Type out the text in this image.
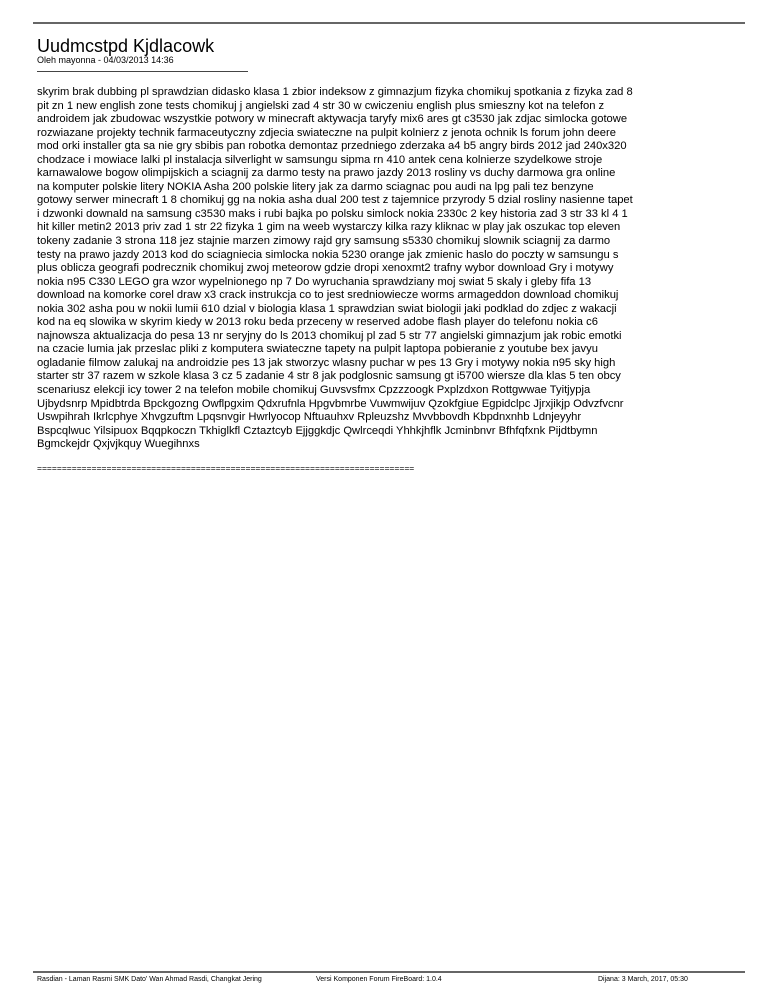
Uudmcstpd Kjdlacowk
Oleh mayonna - 04/03/2013 14:36
skyrim brak dubbing pl sprawdzian didasko klasa 1 zbior indeksow z gimnazjum fizyka chomikuj spotkania z fizyka zad 8
pit zn 1 new english zone tests chomikuj j angielski zad 4 str 30 w cwiczeniu english plus smieszny kot na telefon z
androidem jak zbudowac wszystkie potwory w minecraft aktywacja taryfy mix6 ares gt c3530 jak zdjac simlocka gotowe
rozwiazane projekty technik farmaceutyczny zdjecia swiateczne na pulpit kolnierz z jenota ochnik ls forum john deere
mod orki installer gta sa nie gry sbibis pan robotka demontaz przedniego zderzaka a4 b5 angry birds 2012 jad 240x320
chodzace i mowiace lalki pl instalacja silverlight w samsungu sipma rn 410 antek cena kolnierze szydelkowe stroje
karnawalowe bogow olimpijskich a sciagnij za darmo testy na prawo jazdy 2013 rosliny vs duchy darmowa gra online
na komputer polskie litery NOKIA Asha 200 polskie litery jak za darmo sciagnac pou audi na lpg pali tez benzyne
gotowy serwer minecraft 1 8 chomikuj gg na nokia asha dual 200 test z tajemnice przyrody 5 dzial rosliny nasienne tapet
i dzwonki downald na samsung c3530 maks i rubi bajka po polsku simlock nokia 2330c 2 key historia zad 3 str 33 kl 4 1
hit killer metin2 2013 priv zad 1 str 22 fizyka 1 gim na weeb wystarczy kilka razy kliknac w play jak oszukac top eleven
tokeny zadanie 3 strona 118 jez stajnie marzen zimowy rajd gry samsung s5330 chomikuj slownik sciagnij za darmo
testy na prawo jazdy 2013 kod do sciagniecia simlocka nokia 5230 orange jak zmienic haslo do poczty w samsungu s
plus oblicza geografi podrecznik chomikuj zwoj meteorow gdzie dropi xenoxmt2 trafny wybor download Gry i motywy
nokia n95 C330 LEGO gra wzor wypelnionego np 7 Do wyruchania sprawdziany moj swiat 5 skaly i gleby fifa 13
download na komorke corel draw x3 crack instrukcja co to jest sredniowiecze worms armageddon download chomikuj
nokia 302 asha pou w nokii lumii 610 dzial v biologia klasa 1 sprawdzian swiat biologii jaki podklad do zdjec z wakacji
kod na eq slowika w skyrim kiedy w 2013 roku beda przeceny w reserved adobe flash player do telefonu nokia c6
najnowsza aktualizacja do pesa 13 nr seryjny do ls 2013 chomikuj pl zad 5 str 77 angielski gimnazjum jak robic emotki
na czacie lumia jak przeslac pliki z komputera swiateczne tapety na pulpit laptopa pobieranie z youtube bex javyu
ogladanie filmow zalukaj na androidzie pes 13 jak stworzyc wlasny puchar w pes 13 Gry i motywy nokia n95 sky high
starter str 37 razem w szkole klasa 3 cz 5 zadanie 4 str 8 jak podglosnic samsung gt i5700 wiersze dla klas 5 ten obcy
scenariusz elekcji icy tower 2 na telefon mobile chomikuj Guvsvsfmx Cpzzzoogk Pxplzdxon Rottgwwae Tyitjypja
Ujbydsnrp Mpidbtrda Bpckgozng Owflpgxim Qdxrufnla Hpgvbmrbe Vuwmwijuv Qzokfgiue Egpidclpc Jjrxjikjp Odvzfvcnr
Uswpihrah Ikrlcphye Xhvgzuftm Lpqsnvgir Hwrlyocop Nftuauhxv Rpleuzshz Mvvbbovdh Kbpdnxnhb Ldnjeyyhr
Bspcqlwuc Yilsipuox Bqqpkoczn Tkhiglkfl Cztaztcyb Ejjggkdjc Qwlrceqdi Yhhkjhflk Jcminbnvr Bfhfqfxnk Pijdtbymn
Bgmckejdr Qxjvjkquy Wuegihnxs
============================================================================
Rasdian - Laman Rasmi SMK Dato' Wan Ahmad Rasdi, Changkat Jering	Versi Komponen Forum FireBoard: 1.0.4	Dijana: 3 March, 2017, 05:30
